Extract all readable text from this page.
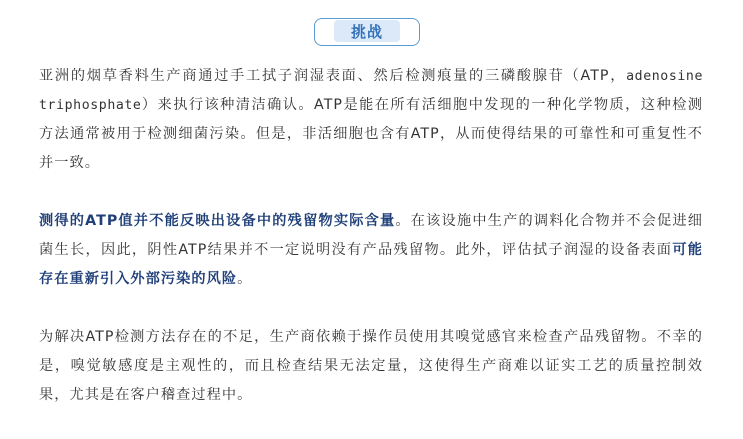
挑战

亚洲的烟草香料生产商通过手工拭子润湿表面、然后检测痕量的三磷酸腺苷（ATP，adenosine triphosphate）来执行该种清洁确认。ATP是能在所有活细胞中发现的一种化学物质，这种检测方法通常被用于检测细菌污染。但是，非活细胞也含有ATP，从而使得结果的可靠性和可重复性不并一致。

测得的ATP值并不能反映出设备中的残留物实际含量。在该设施中生产的调料化合物并不会促进细菌生长，因此，阴性ATP结果并不一定说明没有产品残留物。此外，评估拭子润湿的设备表面可能存在重新引入外部污染的风险。

为解决ATP检测方法存在的不足，生产商依赖于操作员使用其嗅觉感官来检查产品残留物。不幸的是，嗅觉敏感度是主观性的，而且检查结果无法定量，这使得生产商难以证实工艺的质量控制效果，尤其是在客户稽查过程中。
